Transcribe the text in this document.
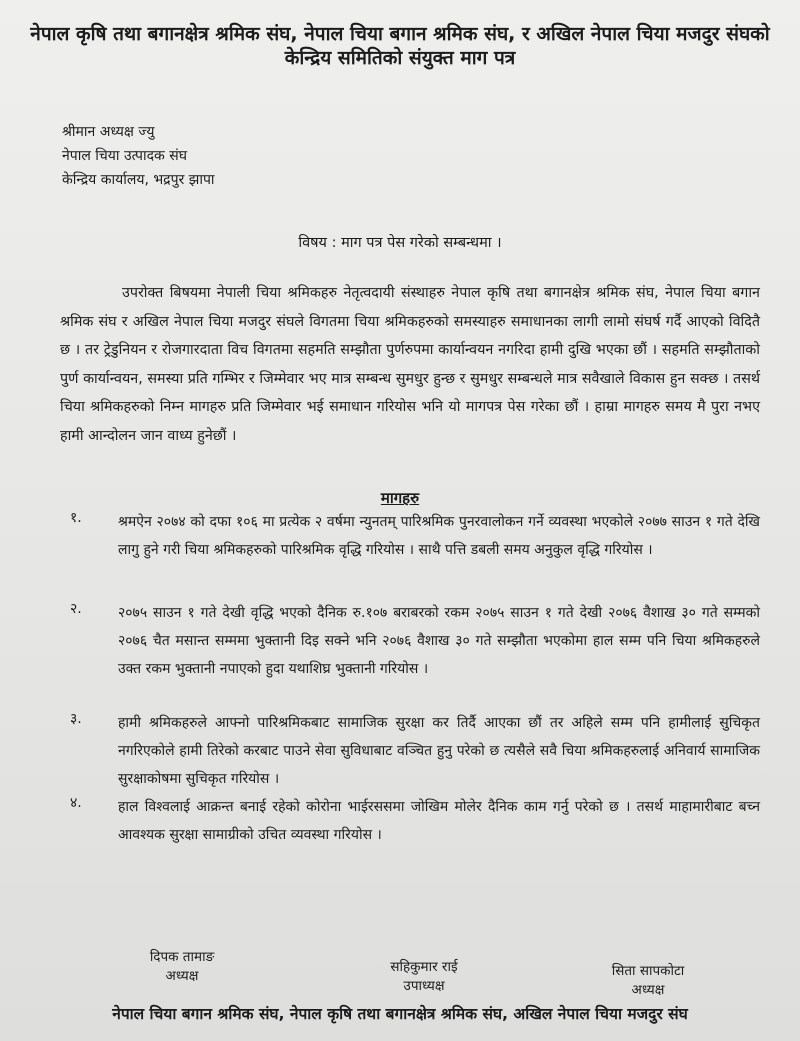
नेपाल कृषि तथा बगानक्षेत्र श्रमिक संघ, नेपाल चिया बगान श्रमिक संघ, र अखिल नेपाल चिया मजदुर संघको
केन्द्रिय समितिको संयुक्त माग पत्र
श्रीमान अध्यक्ष ज्यु
नेपाल चिया उत्पादक संघ
केन्द्रिय कार्यालय, भद्रपुर झापा
विषय : माग पत्र पेस गरेको सम्बन्धमा ।
उपरोक्त बिषयमा नेपाली चिया श्रमिकहरु नेतृत्वदायी संस्थाहरु नेपाल कृषि तथा बगानक्षेत्र श्रमिक संघ, नेपाल चिया बगान श्रमिक संघ र अखिल नेपाल चिया मजदुर संघले विगतमा चिया श्रमिकहरुको समस्याहरु समाधानका लागी लामो संघर्ष गर्दै आएको विदितै छ । तर ट्रेडुनियन र रोजगारदाता विच विगतमा सहमति सम्झौता पुर्णरुपमा कार्यान्वयन नगरिदा हामी दुखि भएका छौं । सहमति सम्झौताको पुर्ण कार्यान्वयन, समस्या प्रति गम्भिर र जिम्मेवार भए मात्र सम्बन्ध सुमधुर हुन्छ र सुमधुर सम्बन्धले मात्र सवैखाले विकास हुन सक्छ । तसर्थ चिया श्रमिकहरुको निम्न मागहरु प्रति जिम्मेवार भई समाधान गरियोस भनि यो मागपत्र पेस गरेका छौं । हाम्रा मागहरु समय मै पुरा नभए हामी आन्दोलन जान वाध्य हुनेछौं ।
मागहरु
१.	श्रमऐन २०७४ को दफा १०६ मा प्रत्येक २ वर्षमा न्युनतम् पारिश्रमिक पुनरवालोकन गर्ने व्यवस्था भएकोले २०७७ साउन १ गते देखि लागु हुने गरी चिया श्रमिकहरुको पारिश्रमिक वृद्धि गरियोस । साथै पत्ति डबली समय अनुकुल वृद्धि गरियोस ।
२.	२०७५ साउन १ गते देखी वृद्धि भएको दैनिक रु.१०७ बराबरको रकम २०७५ साउन १ गते देखी २०७६ वैशाख ३० गते सम्मको २०७६ चैत मसान्त सम्ममा भुक्तानी दिइ सक्ने भनि २०७६ वैशाख ३० गते सम्झौता भएकोमा हाल सम्म पनि चिया श्रमिकहरुले उक्त रकम भुक्तानी नपाएको हुदा यथाशिघ्र भुक्तानी गरियोस ।
३.	हामी श्रमिकहरुले आफ्नो पारिश्रमिकबाट सामाजिक सुरक्षा कर तिर्दै आएका छौं तर अहिले सम्म पनि हामीलाई सुचिकृत नगरिएकोले हामी तिरेको करबाट पाउने सेवा सुविधाबाट वञ्चित हुनु परेको छ त्यसैले सवै चिया श्रमिकहरुलाई अनिवार्य सामाजिक सुरक्षाकोषमा सुचिकृत गरियोस ।
४.	हाल विश्वलाई आक्रन्त बनाई रहेको कोरोना भाईरससमा जोखिम मोलेर दैनिक काम गर्नु परेको छ । तसर्थ माहामारीबाट बच्न आवश्यक सुरक्षा सामाग्रीको उचित व्यवस्था गरियोस ।
दिपक तामाङ
अध्यक्ष
सहिकुमार राई
उपाध्यक्ष
सिता सापकोटा
अध्यक्ष
नेपाल चिया बगान श्रमिक संघ, नेपाल कृषि तथा बगानक्षेत्र श्रमिक संघ, अखिल नेपाल चिया मजदुर संघ
